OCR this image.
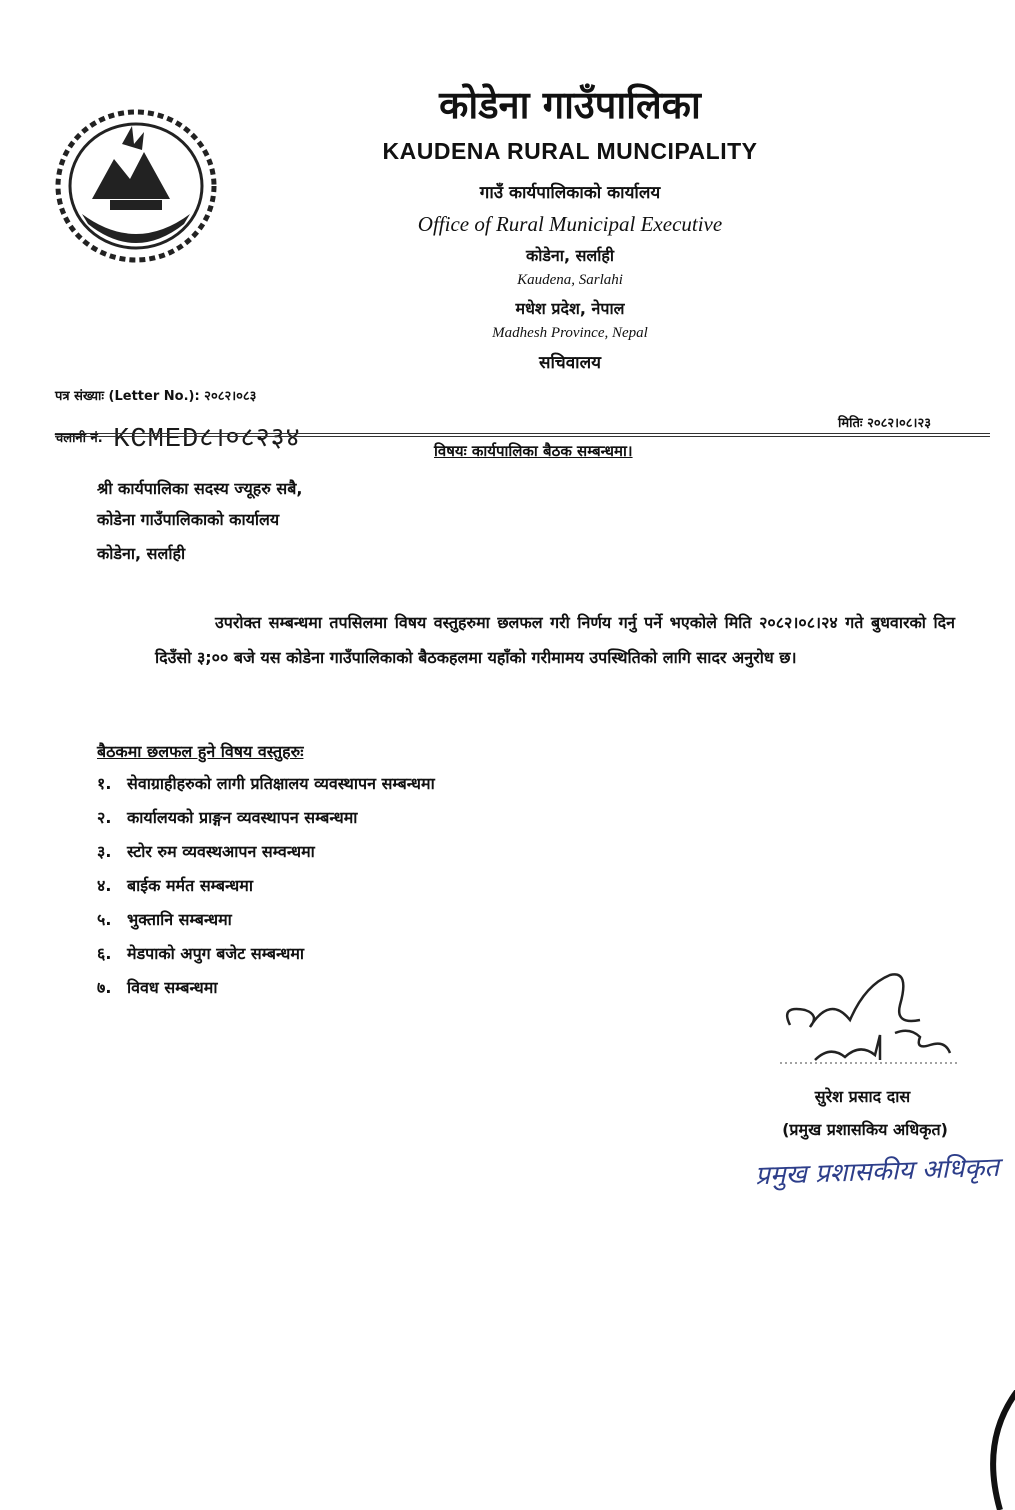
कोडेना गाउँपालिका
KAUDENA RURAL MUNCIPALITY
गाउँ कार्यपालिकाको कार्यालय
Office of Rural Municipal Executive
कोडेना, सर्लाही
Kaudena, Sarlahi
मधेश प्रदेश, नेपाल
Madhesh Province, Nepal
सचिवालय
पत्र संख्याः (Letter No.): २०८२।०८३
चलानी नं. KCMED८।०८२३४
मितिः २०८२।०८।२३
विषयः कार्यपालिका बैठक सम्बन्धमा।
श्री कार्यपालिका सदस्य ज्यूहरु सबै,
कोडेना गाउँपालिकाको कार्यालय
कोडेना, सर्लाही
उपरोक्त सम्बन्धमा तपसिलमा विषय वस्तुहरुमा छलफल गरी निर्णय गर्नु पर्ने भएकोले मिति २०८२।०८।२४ गते बुधवारको दिन दिउँसो ३;०० बजे यस कोडेना गाउँपालिकाको बैठकहलमा यहाँको गरीमामय उपस्थितिको लागि सादर अनुरोध छ।
बैठकमा छलफल हुने विषय वस्तुहरुः
१. सेवाग्राहीहरुको लागी प्रतिक्षालय व्यवस्थापन सम्बन्धमा
२. कार्यालयको प्राङ्गन व्यवस्थापन सम्बन्धमा
३. स्टोर रुम व्यवस्थआपन सम्वन्धमा
४. बाईक मर्मत सम्बन्धमा
५. भुक्तानि सम्बन्धमा
६. मेडपाको अपुग बजेट सम्बन्धमा
७. विवध सम्बन्धमा
सुरेश प्रसाद दास
(प्रमुख प्रशासकिय अधिकृत)
प्रमुख प्रशासकीय अधिकृत
